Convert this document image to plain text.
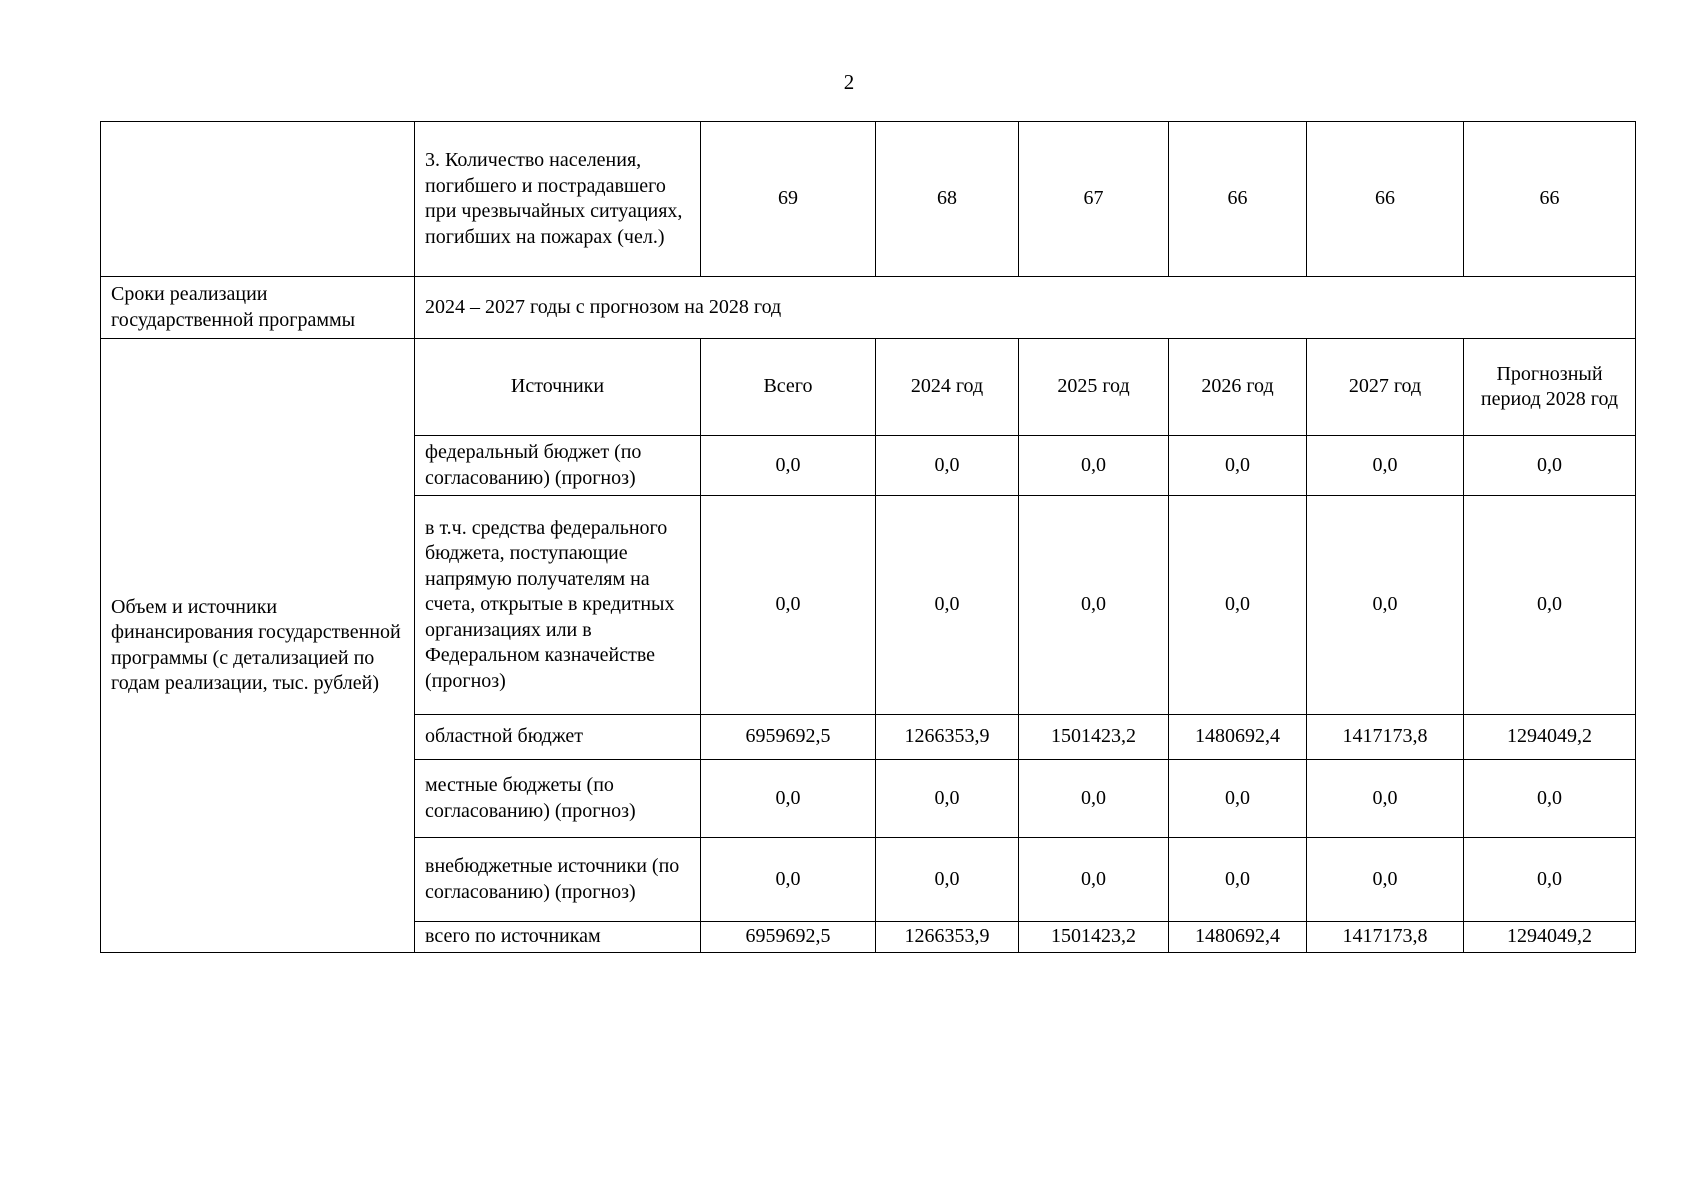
2
	3. Количество населения, погибшего и пострадавшего при чрезвычайных ситуациях, погибших на пожарах (чел.)	69	68	67	66	66	66
Сроки реализации государственной программы	2024 – 2027 годы с прогнозом на 2028 год						
Объем и источники финансирования государственной программы (с детализацией по годам реализации, тыс. рублей)	Источники	Всего	2024 год	2025 год	2026 год	2027 год	Прогнозный период 2028 год
	федеральный бюджет (по согласованию) (прогноз)	0,0	0,0	0,0	0,0	0,0	0,0
	в т.ч. средства федерального бюджета, поступающие напрямую получателям на счета, открытые в кредитных организациях или в Федеральном казначействе (прогноз)	0,0	0,0	0,0	0,0	0,0	0,0
	областной бюджет	6959692,5	1266353,9	1501423,2	1480692,4	1417173,8	1294049,2
	местные бюджеты (по согласованию) (прогноз)	0,0	0,0	0,0	0,0	0,0	0,0
	внебюджетные источники (по согласованию) (прогноз)	0,0	0,0	0,0	0,0	0,0	0,0
	всего по источникам	6959692,5	1266353,9	1501423,2	1480692,4	1417173,8	1294049,2
